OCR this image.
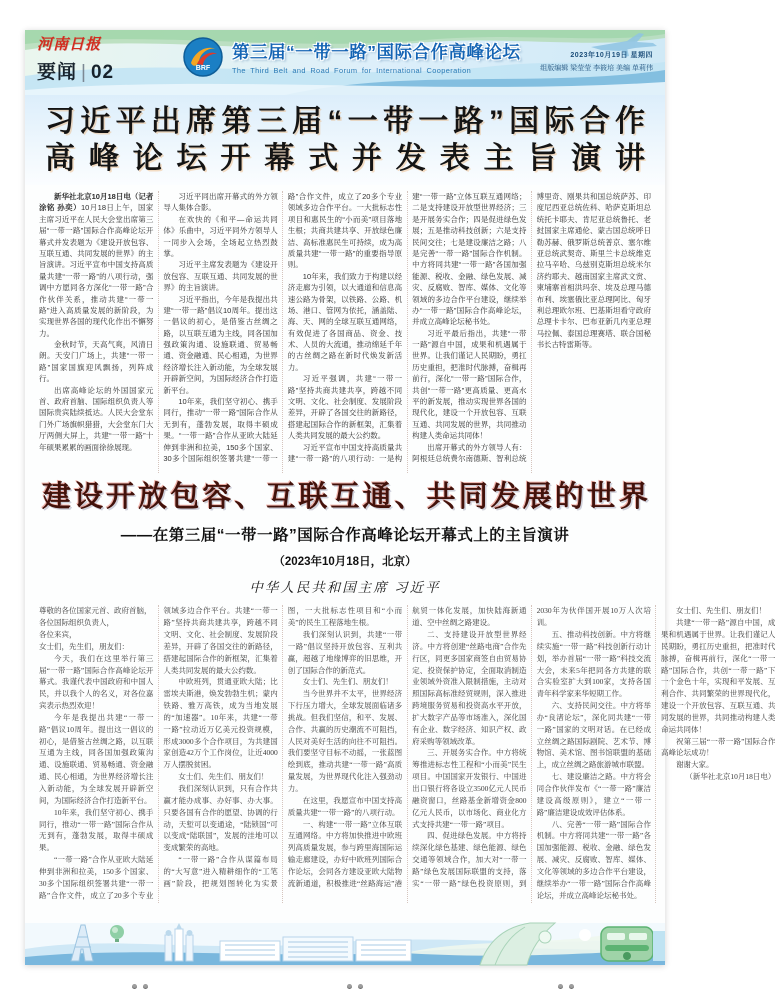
河南日报
要闻 | 02	BRF
第三届“一带一路”国际合作高峰论坛
The Third Belt and Road Forum for International Cooperation
2023年10月19日 星期四
组版编辑 梁莹莹 李筱培 美编 单莉伟
习近平出席第三届“一带一路”国际合作
高峰论坛开幕式并发表主旨演讲

新华社北京10月18日电（记者 涂铭 孙奕）10月18日上午，国家主席习近平在人民大会堂出席第三届“一带一路”国际合作高峰论坛开幕式并发表题为《建设开放包容、互联互通、共同发展的世界》的主旨演讲。习近平宣布中国支持高质量共建“一带一路”的八项行动，强调中方愿同各方深化“一带一路”合作伙伴关系，推动共建“一带一路”进入高质量发展的新阶段，为实现世界各国的现代化作出不懈努力。

金秋时节，天高气爽，风清日朗。天安门广场上，共建“一带一路”国家国旗迎风飘扬，列阵成行。

出席高峰论坛的外国国家元首、政府首脑、国际组织负责人等国际贵宾陆续抵达。人民大会堂东门外广场旗帜猎猎，大会堂东门大厅两侧大屏上，共建“一带一路”十年硕果累累的画面徐徐展现。

习近平同出席开幕式的外方领导人集体合影。

在欢快的《和平—命运共同体》乐曲中，习近平同外方领导人一同步入会场，全场起立热烈鼓掌。

习近平主席发表题为《建设开放包容、互联互通、共同发展的世界》的主旨演讲。

习近平指出，今年是我提出共建“一带一路”倡议10周年。提出这一倡议的初心，是借鉴古丝绸之路，以互联互通为主线，同各国加强政策沟通、设施联通、贸易畅通、资金融通、民心相通，为世界经济增长注入新动能，为全球发展开辟新空间，为国际经济合作打造新平台。

10年来，我们坚守初心、携手同行，推动“一带一路”国际合作从无到有，蓬勃发展，取得丰硕成果。“一带一路”合作从亚欧大陆延伸到非洲和拉美，150多个国家、30多个国际组织签署共建“一带一路”合作文件，成立了20多个专业领域多边合作平台。一大批标志性项目和惠民生的“小而美”项目落地生根；共商共建共享、开放绿色廉洁、高标准惠民生可持续，成为高质量共建“一带一路”的重要指导原则。

10年来，我们致力于构建以经济走廊为引领，以大通道和信息高速公路为骨架，以铁路、公路、机场、港口、管网为依托，涵盖陆、海、天、网的全球互联互通网络，有效促进了各国商品、资金、技术、人员的大流通，推动绵延千年的古丝绸之路在新时代焕发新活力。

习近平强调，共建“一带一路”坚持共商共建共享，跨越不同文明、文化、社会制度、发展阶段差异，开辟了各国交往的新路径，搭建起国际合作的新框架，汇集着人类共同发展的最大公约数。

习近平宣布中国支持高质量共建“一带一路”的八项行动：一是构建“一带一路”立体互联互通网络；二是支持建设开放型世界经济；三是开展务实合作；四是促进绿色发展；五是推动科技创新；六是支持民间交往；七是建设廉洁之路；八是完善“一带一路”国际合作机制。中方将同共建“一带一路”各国加强能源、税收、金融、绿色发展、减灾、反腐败、智库、媒体、文化等领域的多边合作平台建设，继续举办“一带一路”国际合作高峰论坛，并成立高峰论坛秘书处。

习近平最后指出，共建“一带一路”源自中国，成果和机遇属于世界。让我们谨记人民期盼，勇扛历史重担，把准时代脉搏，奋楫再前行，深化“一带一路”国际合作，共创“一带一路”更高质量、更高水平的新发展，推动实现世界各国的现代化，建设一个开放包容、互联互通、共同发展的世界，共同推动构建人类命运共同体！

出席开幕式的外方领导人有：阿根廷总统费尔南德斯、智利总统博里奇、刚果共和国总统萨苏、印度尼西亚总统佐科、哈萨克斯坦总统托卡耶夫、肯尼亚总统鲁托、老挝国家主席通伦、蒙古国总统呼日勒苏赫、俄罗斯总统普京、塞尔维亚总统武契奇、斯里兰卡总统维克拉马辛哈、乌兹别克斯坦总统米尔济约耶夫、越南国家主席武文赏、柬埔寨首相洪玛奈、埃及总理马德布利、埃塞俄比亚总理阿比、匈牙利总理欧尔班、巴基斯坦看守政府总理卡卡尔、巴布亚新几内亚总理马拉佩、泰国总理赛塔、联合国秘书长古特雷斯等。

建设开放包容、互联互通、共同发展的世界
——在第三届“一带一路”国际合作高峰论坛开幕式上的主旨演讲
（2023年10月18日，北京）
中华人民共和国主席 习近平

尊敬的各位国家元首、政府首脑，

各位国际组织负责人，

各位来宾，

女士们，先生们，朋友们：

今天，我们在这里举行第三届“一带一路”国际合作高峰论坛开幕式。我谨代表中国政府和中国人民，并以我个人的名义，对各位嘉宾表示热烈欢迎！

今年是我提出共建“一带一路”倡议10周年。提出这一倡议的初心，是借鉴古丝绸之路，以互联互通为主线，同各国加强政策沟通、设施联通、贸易畅通、资金融通、民心相通，为世界经济增长注入新动能，为全球发展开辟新空间，为国际经济合作打造新平台。

10年来，我们坚守初心、携手同行，推动“一带一路”国际合作从无到有，蓬勃发展，取得丰硕成果。

“一带一路”合作从亚欧大陆延伸到非洲和拉美，150多个国家、30多个国际组织签署共建“一带一路”合作文件，成立了20多个专业领域多边合作平台。共建“一带一路”坚持共商共建共享，跨越不同文明、文化、社会制度、发展阶段差异，开辟了各国交往的新路径，搭建起国际合作的新框架，汇集着人类共同发展的最大公约数。

中欧班列，贯通亚欧大陆；比雷埃夫斯港，焕发勃勃生机；蒙内铁路、雅万高铁，成为当地发展的“加速器”。10年来，共建“一带一路”拉动近万亿美元投资规模，形成3000多个合作项目，为共建国家创造42万个工作岗位，让近4000万人摆脱贫困。

女士们、先生们、朋友们！

我们深刻认识到，只有合作共赢才能办成事、办好事、办大事。只要各国有合作的愿望、协调的行动，天堑可以变通途，“陆锁国”可以变成“陆联国”，发展的洼地可以变成繁荣的高地。

“一带一路”合作从谋篇布局的“大写意”进入精耕细作的“工笔画”阶段，把规划图转化为实景图，一大批标志性项目和“小而美”的民生工程落地生根。

我们深刻认识到，共建“一带一路”倡议坚持开放包容、互利共赢，超越了地缘博弈的旧思维，开创了国际合作的新范式。

女士们、先生们、朋友们！

当今世界并不太平，世界经济下行压力增大，全球发展面临诸多挑战。但我们坚信，和平、发展、合作、共赢的历史潮流不可阻挡，人民对美好生活的向往不可阻挡。我们要坚守目标不动摇，一张蓝图绘到底，推动共建“一带一路”高质量发展，为世界现代化注入强劲动力。

在这里，我愿宣布中国支持高质量共建“一带一路”的八项行动。

一、构建“一带一路”立体互联互通网络。中方将加快推进中欧班列高质量发展，参与跨里海国际运输走廊建设，办好中欧班列国际合作论坛，会同各方建设亚欧大陆物流新通道，积极推进“丝路海运”港航贸一体化发展，加快陆海新通道、空中丝绸之路建设。

二、支持建设开放型世界经济。中方将创建“丝路电商”合作先行区，同更多国家商签自由贸易协定、投资保护协定，全面取消制造业领域外资准入限制措施，主动对照国际高标准经贸规则，深入推进跨境服务贸易和投资高水平开放，扩大数字产品等市场准入，深化国有企业、数字经济、知识产权、政府采购等领域改革。

三、开展务实合作。中方将统筹推进标志性工程和“小而美”民生项目。中国国家开发银行、中国进出口银行将各设立3500亿元人民币融资窗口，丝路基金新增资金800亿元人民币，以市场化、商业化方式支持共建“一带一路”项目。

四、促进绿色发展。中方将持续深化绿色基建、绿色能源、绿色交通等领域合作，加大对“一带一路”绿色发展国际联盟的支持，落实“一带一路”绿色投资原则，到2030年为伙伴国开展10万人次培训。

五、推动科技创新。中方将继续实施“一带一路”科技创新行动计划，举办首届“一带一路”科技交流大会，未来5年把同各方共建的联合实验室扩大到100家，支持各国青年科学家来华短期工作。

六、支持民间交往。中方将举办“良渚论坛”，深化同共建“一带一路”国家的文明对话。在已经成立丝绸之路国际剧院、艺术节、博物馆、美术馆、图书馆联盟的基础上，成立丝绸之路旅游城市联盟。

七、建设廉洁之路。中方将会同合作伙伴发布《“一带一路”廉洁建设高级原则》，建立“一带一路”廉洁建设成效评估体系。

八、完善“一带一路”国际合作机制。中方将同共建“一带一路”各国加强能源、税收、金融、绿色发展、减灾、反腐败、智库、媒体、文化等领域的多边合作平台建设，继续举办“一带一路”国际合作高峰论坛，并成立高峰论坛秘书处。

女士们、先生们、朋友们！

共建“一带一路”源自中国，成果和机遇属于世界。让我们谨记人民期盼，勇扛历史重担，把准时代脉搏，奋楫再前行，深化“一带一路”国际合作，共创“一带一路”下一个金色十年，实现和平发展、互利合作、共同繁荣的世界现代化，建设一个开放包容、互联互通、共同发展的世界，共同推动构建人类命运共同体！

祝第三届“一带一路”国际合作高峰论坛成功！

谢谢大家。

（新华社北京10月18日电）
